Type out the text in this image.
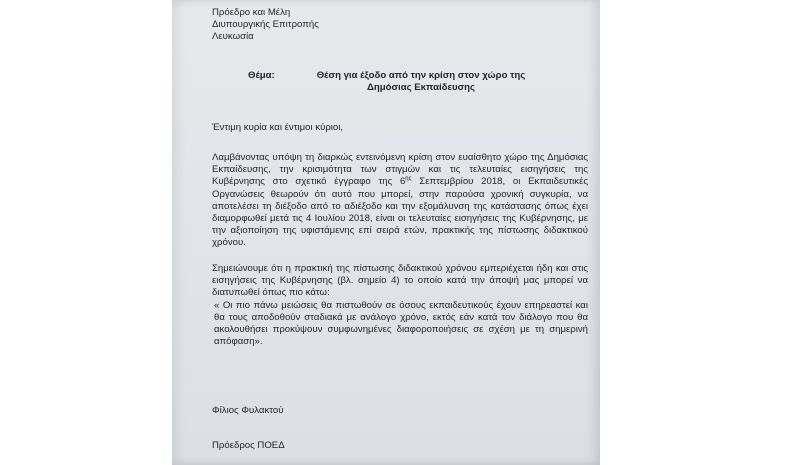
Πρόεδρο και Μέλη
Διυπουργικής Επιτροπής
Λευκωσία
Θέμα:	Θέση για έξοδο από την κρίση στον χώρο της Δημόσιας Εκπαίδευσης
Έντιμη κυρία και έντιμοι κύριοι,
Λαμβάνοντας υπόψη τη διαρκώς εντεινόμενη κρίση στον ευαίσθητο χώρο της Δημόσιας Εκπαίδευσης, την κρισιμότητα των στιγμών και τις τελευταίες εισηγήσεις της Κυβέρνησης στο σχετικό έγγραφο της $6^{\eta\varsigma}$ Σεπτεμβρίου 2018, οι Εκπαιδευτικές Οργανώσεις θεωρούν ότι αυτό που μπορεί, στην παρούσα χρονική συγκυρία, να αποτελέσει τη διέξοδο από το αδιέξοδο και την εξομάλυνση της κατάστασης όπως έχει διαμορφωθεί μετά τις 4 Ιουλίου 2018, είναι οι τελευταίες εισηγήσεις της Κυβέρνησης, με την αξιοποίηση της υφιστάμενης επί σειρά ετών, πρακτικής της πίστωσης διδακτικού χρόνου.
Σημειώνουμε ότι η πρακτική της πίστωσης διδακτικού χρόνου εμπεριέχεται ήδη και στις εισηγήσεις της Κυβέρνησης (βλ. σημείο 4) το οποίο κατά την άποψή μας μπορεί να διατυπωθεί όπως πιο κάτω:
« Οι πιο πάνω μειώσεις θα πιστωθούν σε όσους εκπαιδευτικούς έχουν επηρεαστεί και θα τους αποδοθούν σταδιακά με ανάλογο χρόνο, εκτός εάν κατά τον διάλογο που θα ακολουθήσει προκύψουν συμφωνημένες διαφοροποιήσεις σε σχέση με τη σημερινή απόφαση».
Φίλιος Φυλακτού
Πρόεδρος ΠΟΕΔ
